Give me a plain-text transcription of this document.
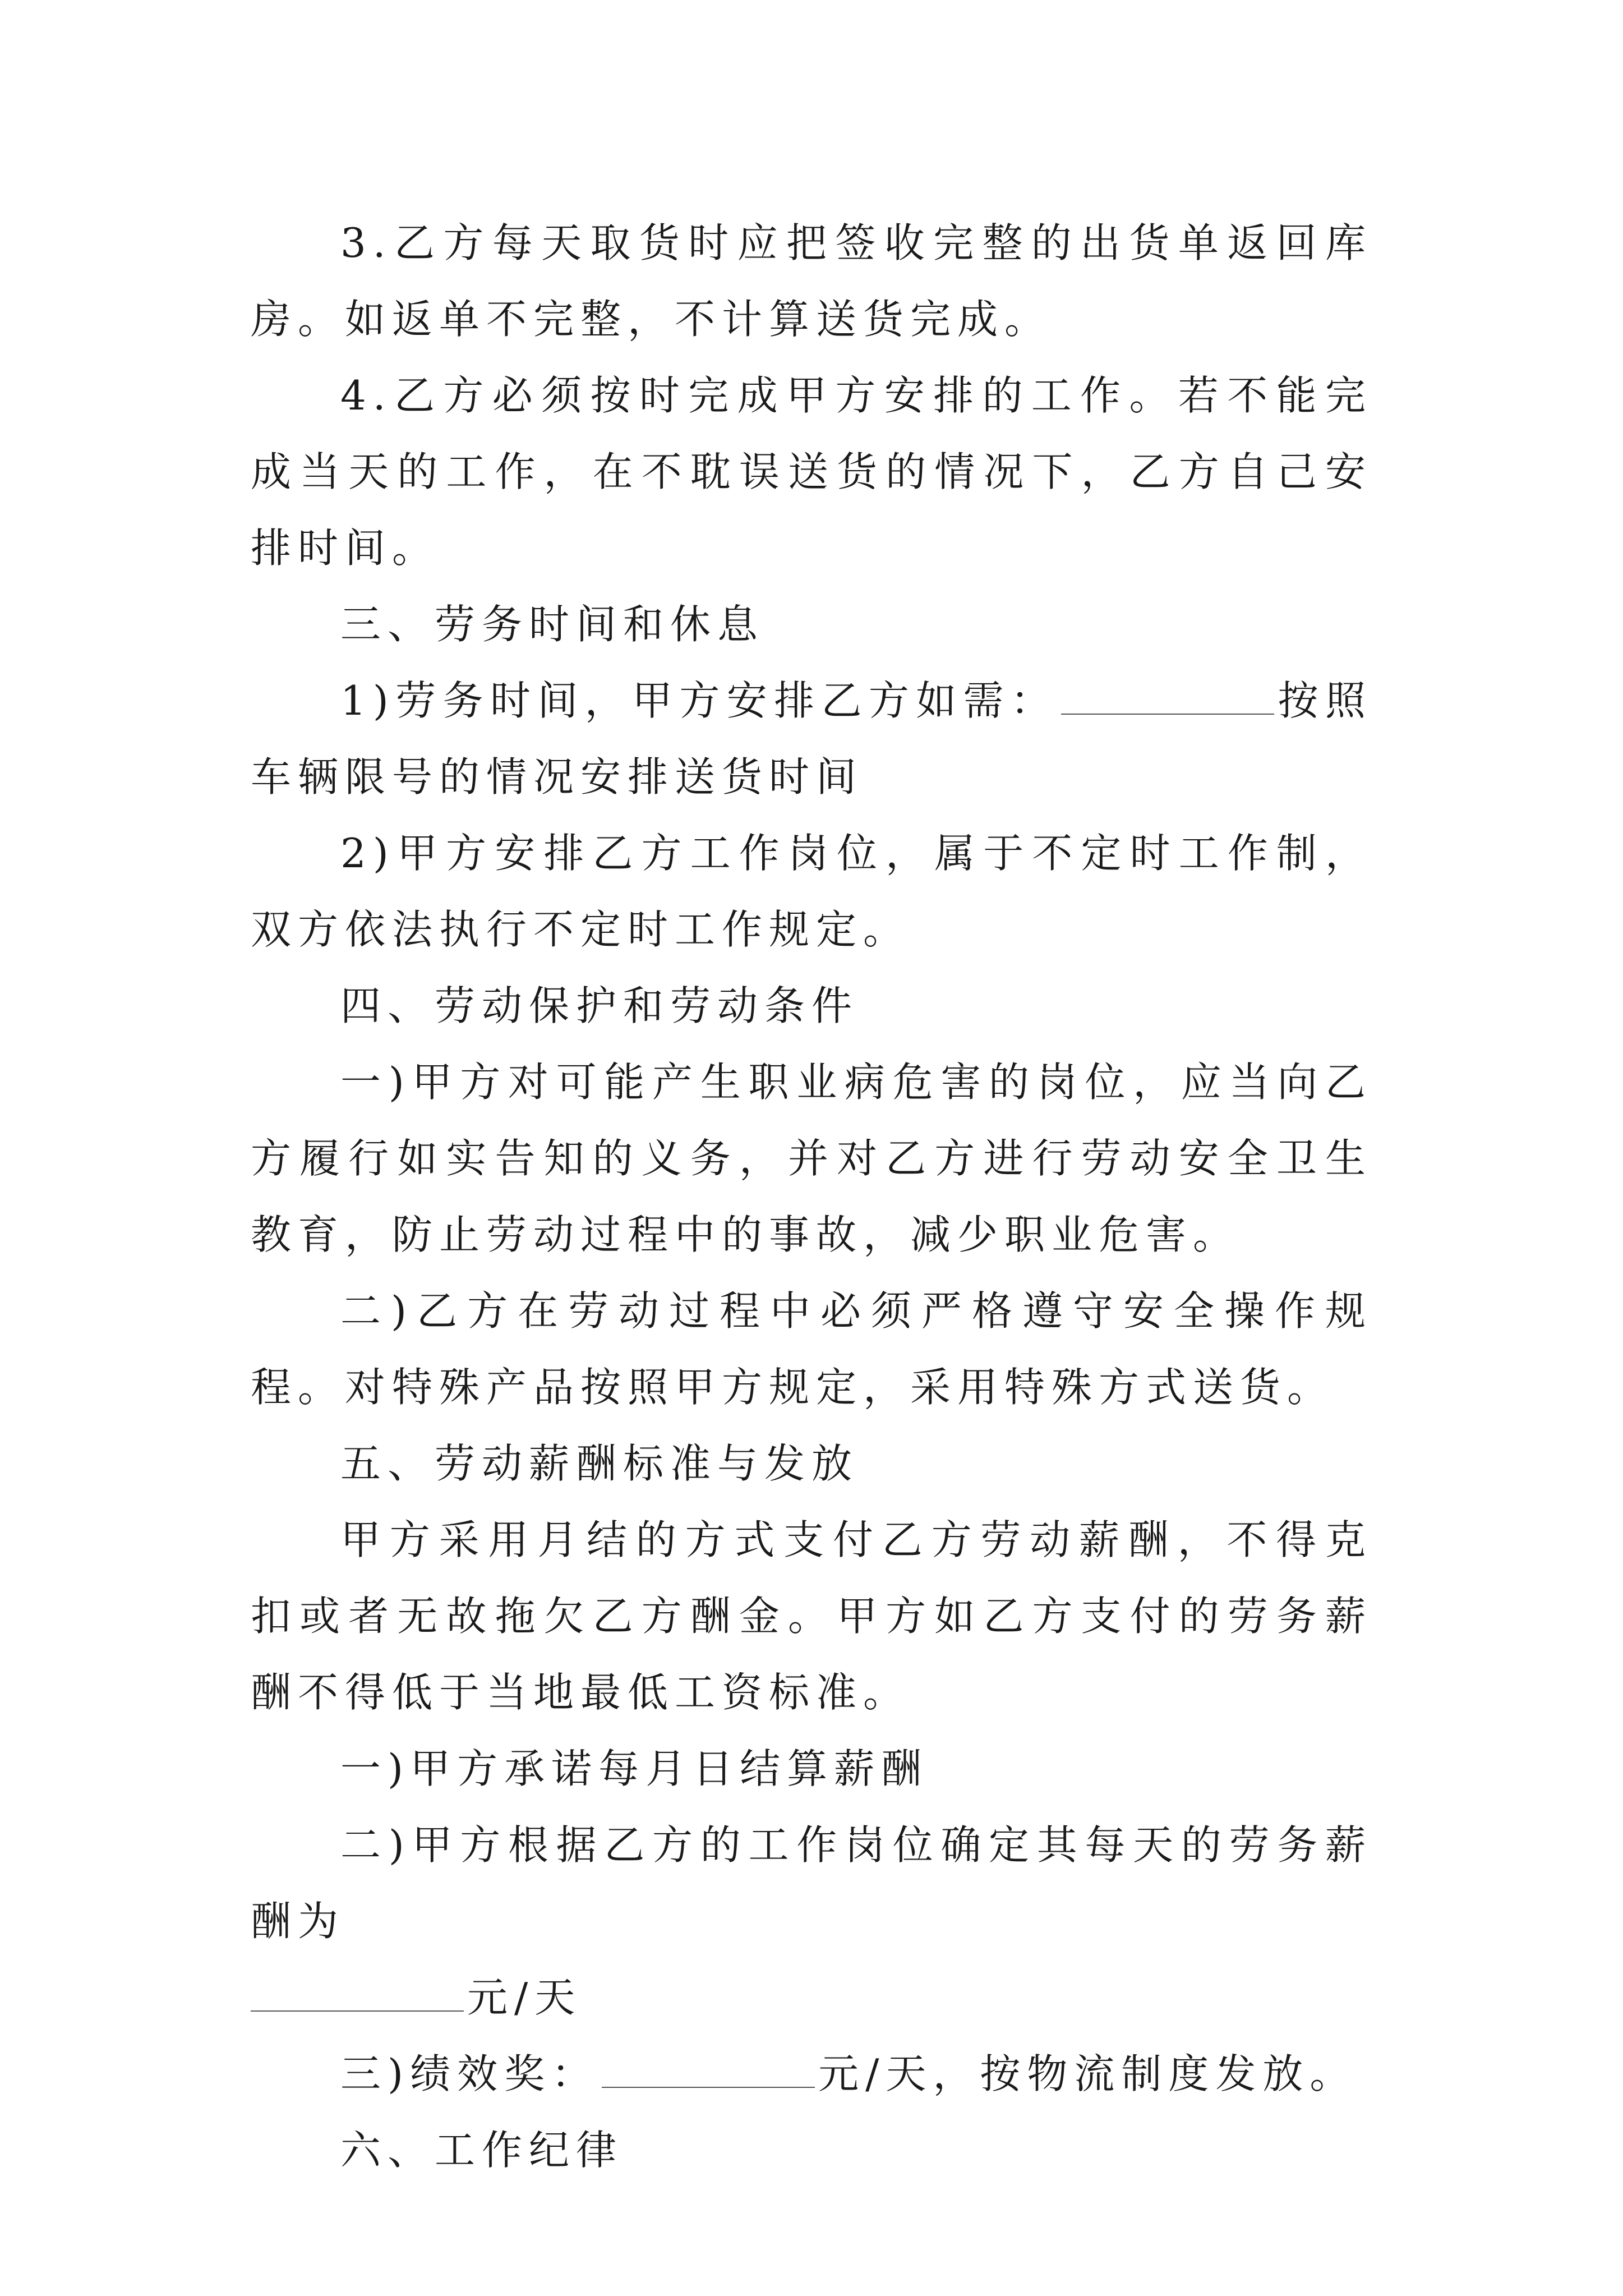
3.乙方每天取货时应把签收完整的出货单返回库房。如返单不完整，不计算送货完成。

4.乙方必须按时完成甲方安排的工作。若不能完成当天的工作，在不耽误送货的情况下，乙方自己安排时间。

三、劳务时间和休息

1)劳务时间，甲方安排乙方如需：	按照车辆限号的情况安排送货时间

2)甲方安排乙方工作岗位，属于不定时工作制，双方依法执行不定时工作规定。

四、劳动保护和劳动条件

一)甲方对可能产生职业病危害的岗位，应当向乙方履行如实告知的义务，并对乙方进行劳动安全卫生教育，防止劳动过程中的事故，减少职业危害。

二)乙方在劳动过程中必须严格遵守安全操作规程。对特殊产品按照甲方规定，采用特殊方式送货。

五、劳动薪酬标准与发放

甲方采用月结的方式支付乙方劳动薪酬，不得克扣或者无故拖欠乙方酬金。甲方如乙方支付的劳务薪酬不得低于当地最低工资标准。

一)甲方承诺每月日结算薪酬

二)甲方根据乙方的工作岗位确定其每天的劳务薪酬为
元/天

三)绩效奖：	元/天，按物流制度发放。

六、工作纪律
